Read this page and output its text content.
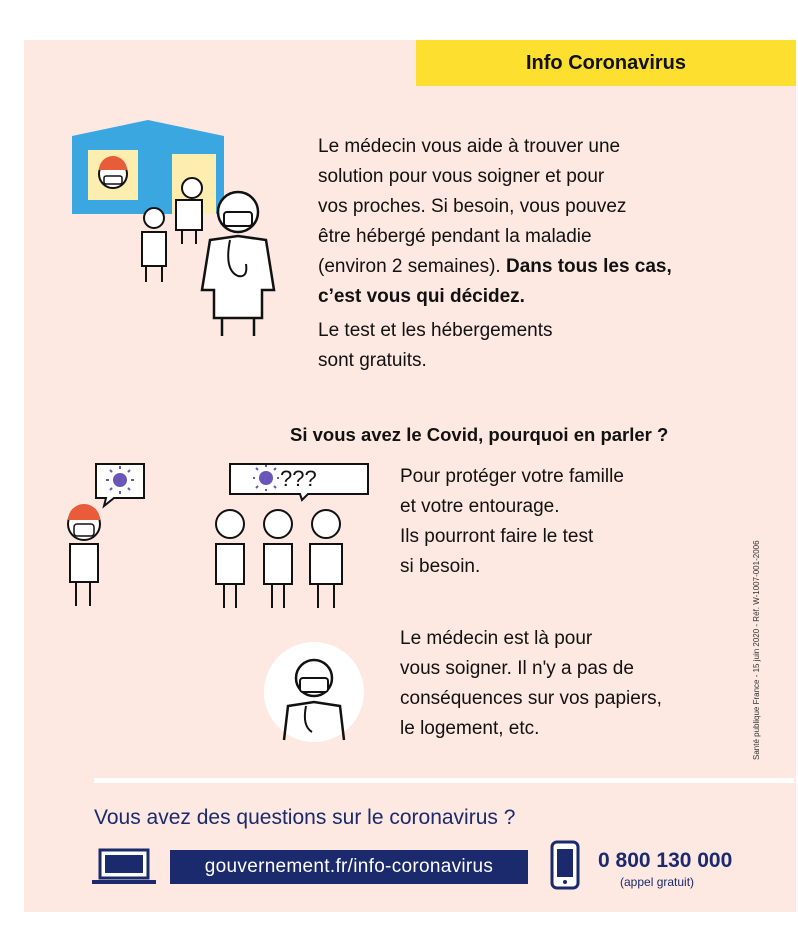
Info Coronavirus
Le médecin vous aide à trouver une
solution pour vous soigner et pour
vos proches. Si besoin, vous pouvez
être hébergé pendant la maladie
(environ 2 semaines). Dans tous les cas,
c’est vous qui décidez.
Le test et les hébergements
sont gratuits.
Si vous avez le Covid, pourquoi en parler ?
???	Pour protéger votre famille
et votre entourage.
Ils pourront faire le test
si besoin.
Le médecin est là pour
vous soigner. Il n'y a pas de
conséquences sur vos papiers,
le logement, etc.	Santé publique France - 15 juin 2020 - Réf. W-1007-001-2006
Vous avez des questions sur le coronavirus ?
gouvernement.fr/info-coronavirus	0 800 130 000
(appel gratuit)
